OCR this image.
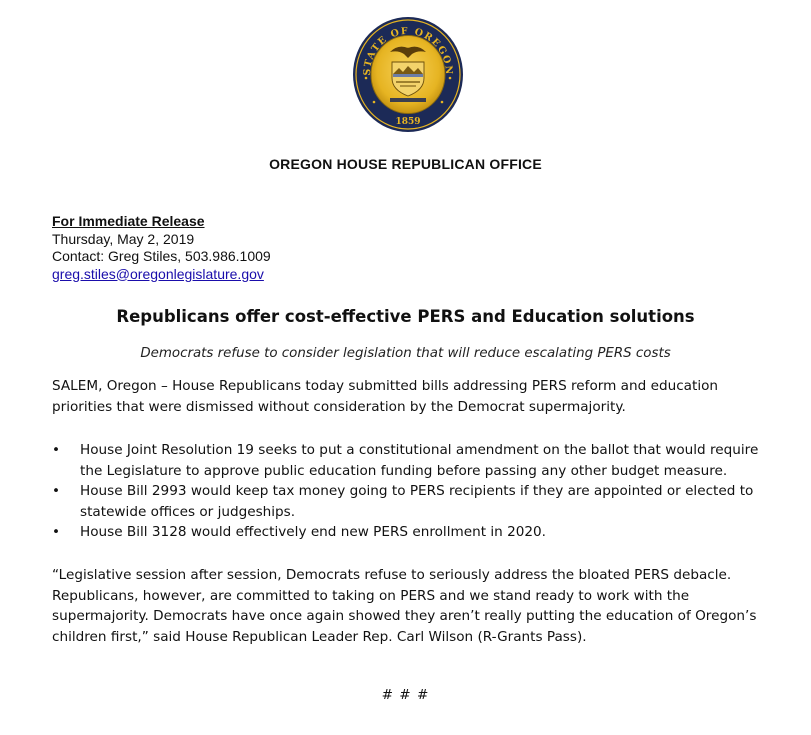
STATE OF OREGON
1859
OREGON HOUSE REPUBLICAN OFFICE
For Immediate Release
Thursday, May 2, 2019
Contact: Greg Stiles, 503.986.1009
greg.stiles@oregonlegislature.gov
Republicans offer cost-effective PERS and Education solutions
Democrats refuse to consider legislation that will reduce escalating PERS costs

SALEM, Oregon – House Republicans today submitted bills addressing PERS reform and education priorities that were dismissed without consideration by the Democrat supermajority.

• House Joint Resolution 19 seeks to put a constitutional amendment on the ballot that would require the Legislature to approve public education funding before passing any other budget measure.
• House Bill 2993 would keep tax money going to PERS recipients if they are appointed or elected to statewide offices or judgeships.
• House Bill 3128 would effectively end new PERS enrollment in 2020.

“Legislative session after session, Democrats refuse to seriously address the bloated PERS debacle. Republicans, however, are committed to taking on PERS and we stand ready to work with the supermajority. Democrats have once again showed they aren’t really putting the education of Oregon’s children first,” said House Republican Leader Rep. Carl Wilson (R-Grants Pass).

# # #
